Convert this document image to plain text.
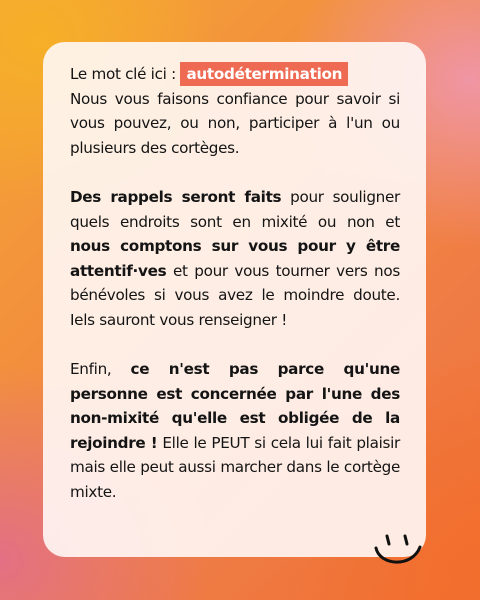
Le mot clé ici : autodétermination
Nous vous faisons confiance pour savoir si vous pouvez, ou non, participer à l'un ou plusieurs des cortèges.

Des rappels seront faits pour souligner quels endroits sont en mixité ou non et nous comptons sur vous pour y être attentif·ves et pour vous tourner vers nos bénévoles si vous avez le moindre doute. Iels sauront vous renseigner !

Enfin, ce n'est pas parce qu'une personne est concernée par l'une des non-mixité qu'elle est obligée de la rejoindre ! Elle le PEUT si cela lui fait plaisir mais elle peut aussi marcher dans le cortège mixte.
